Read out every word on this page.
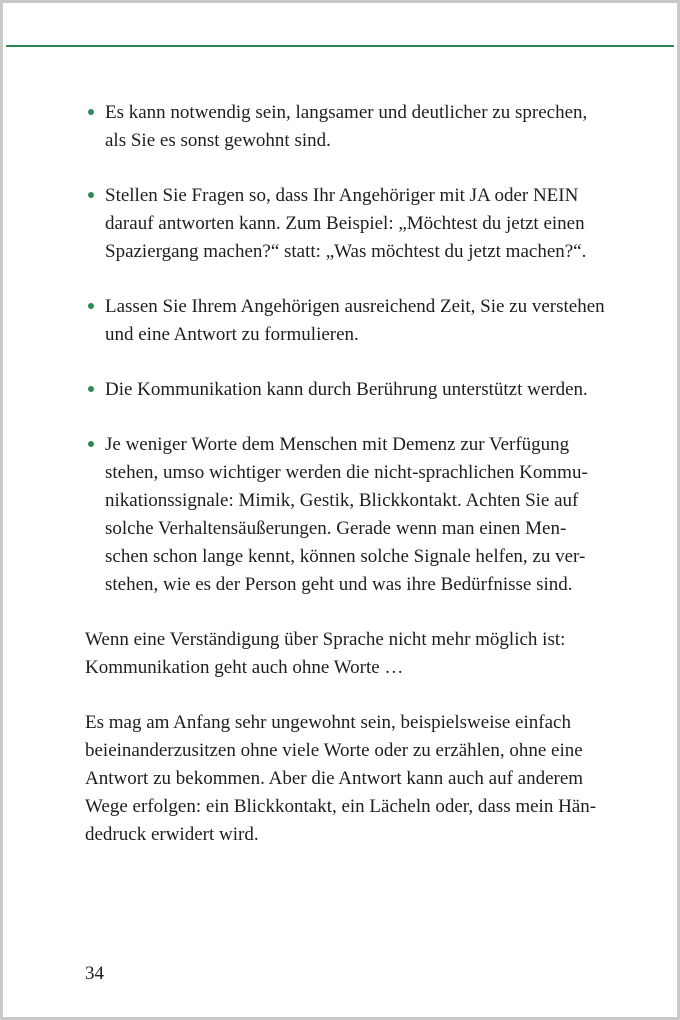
Es kann notwendig sein, langsamer und deutlicher zu sprechen,
als Sie es sonst gewohnt sind.
Stellen Sie Fragen so, dass Ihr Angehöriger mit JA oder NEIN
darauf antworten kann. Zum Beispiel: „Möchtest du jetzt einen
Spaziergang machen?“ statt: „Was möchtest du jetzt machen?“.
Lassen Sie Ihrem Angehörigen ausreichend Zeit, Sie zu verstehen
und eine Antwort zu formulieren.
Die Kommunikation kann durch Berührung unterstützt werden.
Je weniger Worte dem Menschen mit Demenz zur Verfügung
stehen, umso wichtiger werden die nicht-sprachlichen Kommu-
nikationssignale: Mimik, Gestik, Blickkontakt. Achten Sie auf
solche Verhaltensäußerungen. Gerade wenn man einen Men-
schen schon lange kennt, können solche Signale helfen, zu ver-
stehen, wie es der Person geht und was ihre Bedürfnisse sind.

Wenn eine Verständigung über Sprache nicht mehr möglich ist:
Kommunikation geht auch ohne Worte …

Es mag am Anfang sehr ungewohnt sein, beispielsweise einfach
beieinanderzusitzen ohne viele Worte oder zu erzählen, ohne eine
Antwort zu bekommen. Aber die Antwort kann auch auf anderem
Wege erfolgen: ein Blickkontakt, ein Lächeln oder, dass mein Hän-
dedruck erwidert wird.

34
